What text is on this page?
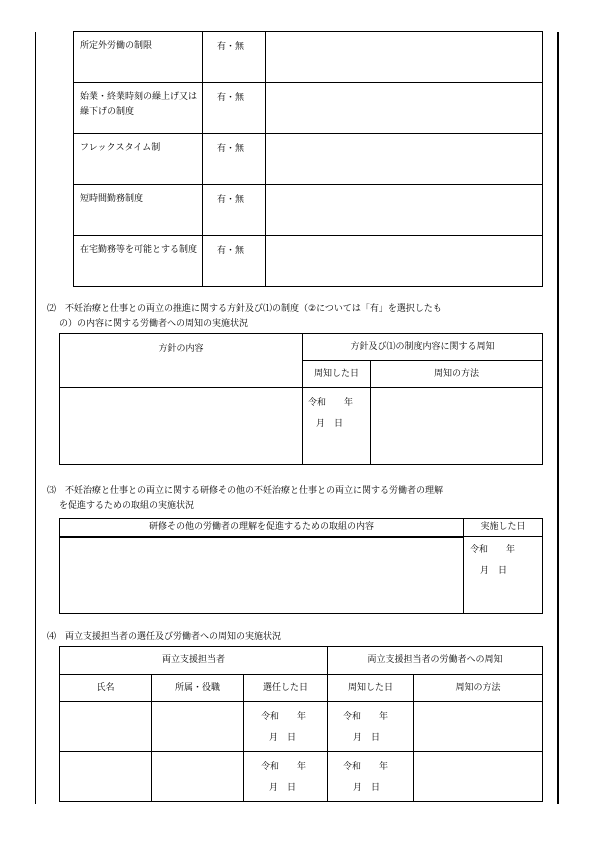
所定外労働の制限	有・無	
始業・終業時刻の繰上げ又は繰下げの制度	有・無	
フレックスタイム制	有・無	
短時間勤務制度	有・無	
在宅勤務等を可能とする制度	有・無	
⑵　不妊治療と仕事との両立の推進に関する方針及び⑴の制度（②については「有」を選択したも
の）の内容に関する労働者への周知の実施状況
方針の内容	方針及び⑴の制度内容に関する周知	
	周知した日	周知の方法

	令和　　年
月　日	

⑶　不妊治療と仕事との両立に関する研修その他の不妊治療と仕事との両立に関する労働者の理解
を促進するための取組の実施状況
研修その他の労働者の理解を促進するための取組の内容	実施した日

	令和　　年
月　日
⑷　両立支援担当者の選任及び労働者への周知の実施状況
両立支援担当者			両立支援担当者の労働者への周知	
氏名	所属・役職	選任した日	周知した日	周知の方法

		令和　　年
月　日	令和　　年
月　日	

		令和　　年
月　日	令和　　年
月　日	
